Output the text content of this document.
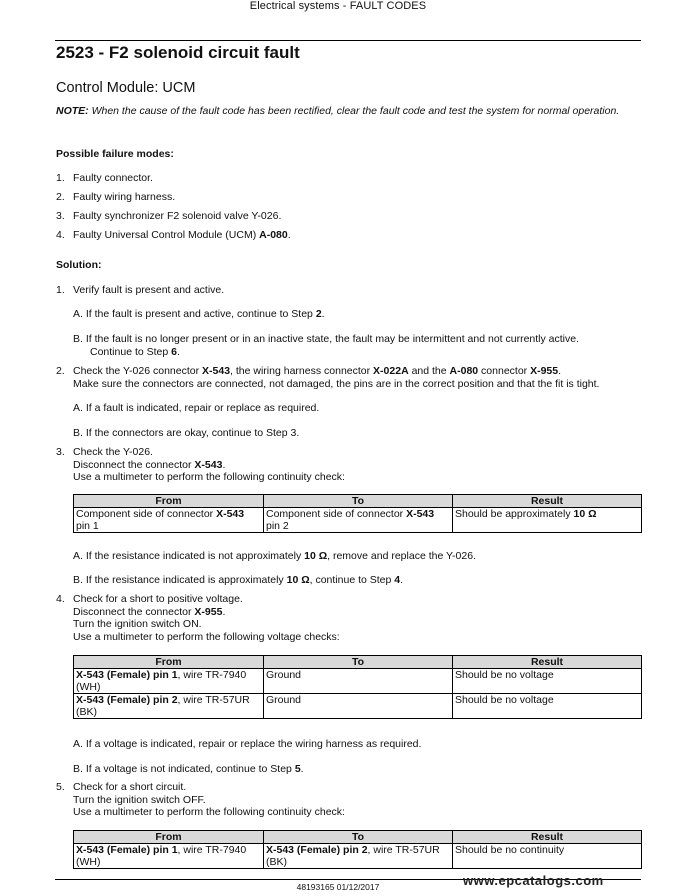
Electrical systems - FAULT CODES
2523 - F2 solenoid circuit fault
Control Module: UCM
NOTE: When the cause of the fault code has been rectified, clear the fault code and test the system for normal operation.
Possible failure modes:
1. Faulty connector.
2. Faulty wiring harness.
3. Faulty synchronizer F2 solenoid valve Y-026.
4. Faulty Universal Control Module (UCM) A-080.
Solution:
1. Verify fault is present and active.
A. If the fault is present and active, continue to Step 2.
B. If the fault is no longer present or in an inactive state, the fault may be intermittent and not currently active.
Continue to Step 6.
2. Check the Y-026 connector X-543, the wiring harness connector X-022A and the A-080 connector X-955.
Make sure the connectors are connected, not damaged, the pins are in the correct position and that the fit is tight.
A. If a fault is indicated, repair or replace as required.
B. If the connectors are okay, continue to Step 3.
3. Check the Y-026.
Disconnect the connector X-543.
Use a multimeter to perform the following continuity check:
From	To	Result
Component side of connector X-543
pin 1	Component side of connector X-543
pin 2	Should be approximately 10 Ω
A. If the resistance indicated is not approximately 10 Ω, remove and replace the Y-026.
B. If the resistance indicated is approximately 10 Ω, continue to Step 4.
4. Check for a short to positive voltage.
Disconnect the connector X-955.
Turn the ignition switch ON.
Use a multimeter to perform the following voltage checks:
From	To	Result
X-543 (Female) pin 1, wire TR-7940
(WH)	Ground	Should be no voltage
X-543 (Female) pin 2, wire TR-57UR
(BK)	Ground	Should be no voltage
A. If a voltage is indicated, repair or replace the wiring harness as required.
B. If a voltage is not indicated, continue to Step 5.
5. Check for a short circuit.
Turn the ignition switch OFF.
Use a multimeter to perform the following continuity check:
From	To	Result
X-543 (Female) pin 1, wire TR-7940
(WH)	X-543 (Female) pin 2, wire TR-57UR
(BK)	Should be no continuity
www.epcatalogs.com
48193165 01/12/2017
